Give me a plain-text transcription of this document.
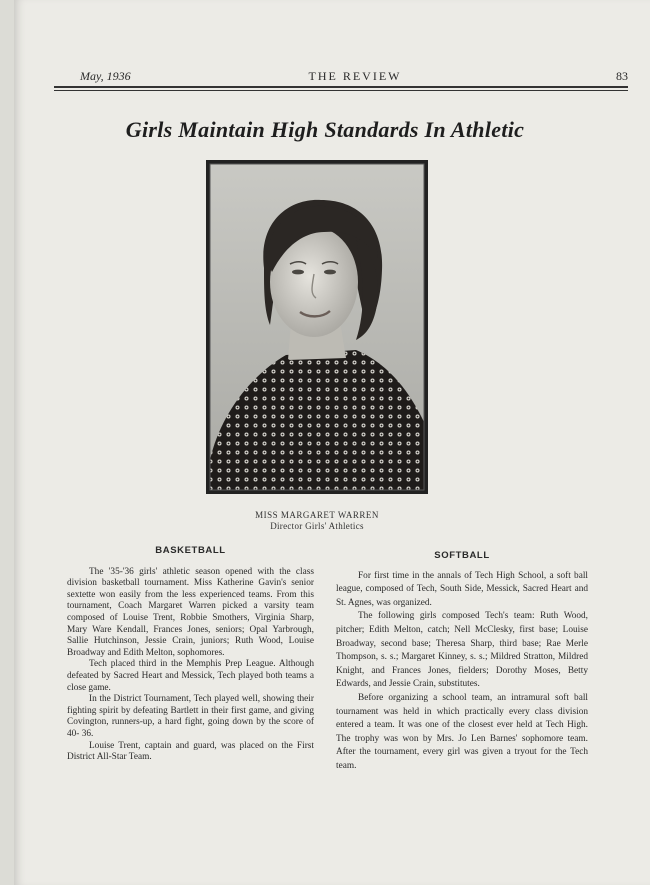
May, 1936	THE REVIEW	83
Girls Maintain High Standards In Athletic
MISS MARGARET WARREN
Director Girls' Athletics
BASKETBALL

The '35-'36 girls' athletic season opened with the class division basketball tournament. Miss Katherine Gavin's senior sextette won easily from the less experienced teams. From this tournament, Coach Margaret Warren picked a varsity team composed of Louise Trent, Robbie Smothers, Virginia Sharp, Mary Ware Kendall, Frances Jones, seniors; Opal Yarbrough, Sallie Hutchinson, Jessie Crain, juniors; Ruth Wood, Louise Broadway and Edith Melton, sophomores.

Tech placed third in the Memphis Prep League. Although defeated by Sacred Heart and Messick, Tech played both teams a close game.

In the District Tournament, Tech played well, showing their fighting spirit by defeating Bartlett in their first game, and giving Covington, runners-up, a hard fight, going down by the score of 40- 36.

Louise Trent, captain and guard, was placed on the First District All-Star Team.

SOFTBALL

For first time in the annals of Tech High School, a soft ball league, composed of Tech, South Side, Messick, Sacred Heart and St. Agnes, was organized.

The following girls composed Tech's team: Ruth Wood, pitcher; Edith Melton, catch; Nell McClesky, first base; Louise Broadway, second base; Theresa Sharp, third base; Rae Merle Thompson, s. s.; Margaret Kinney, s. s.; Mildred Stratton, Mildred Knight, and Frances Jones, fielders; Dorothy Moses, Betty Edwards, and Jessie Crain, substitutes.

Before organizing a school team, an intramural soft ball tournament was held in which practically every class division entered a team. It was one of the closest ever held at Tech High. The trophy was won by Mrs. Jo Len Barnes' sophomore team. After the tournament, every girl was given a tryout for the Tech team.
